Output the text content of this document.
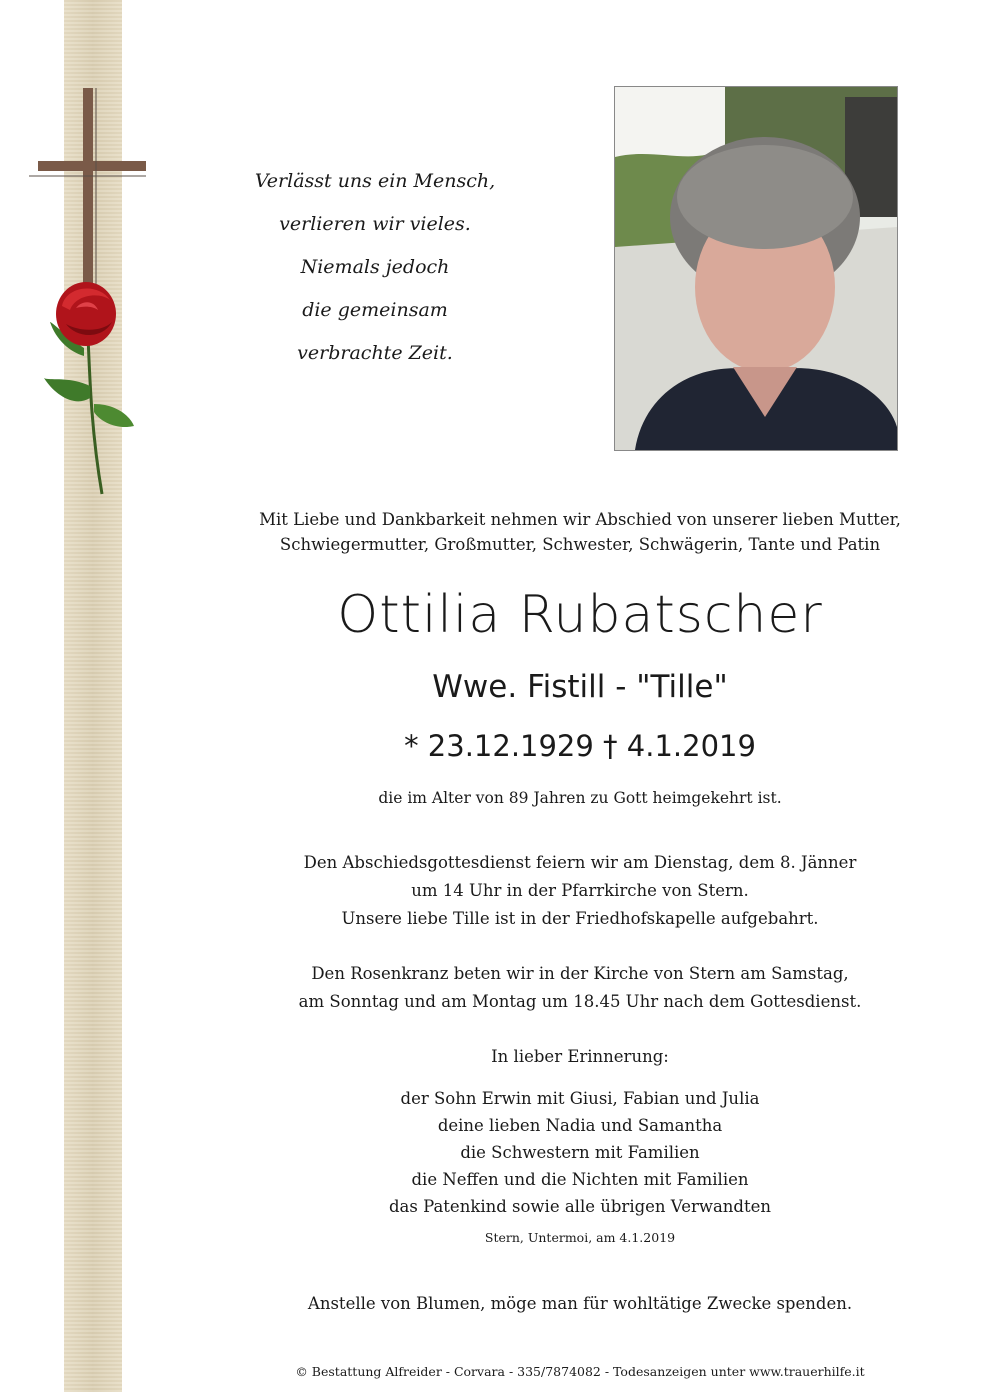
Verlässt uns ein Mensch,
verlieren wir vieles.
Niemals jedoch
die gemeinsam
verbrachte Zeit.
Mit Liebe und Dankbarkeit nehmen wir Abschied von unserer lieben Mutter,
Schwiegermutter, Großmutter, Schwester, Schwägerin, Tante und Patin
Ottilia Rubatscher
Wwe. Fistill - "Tille"
* 23.12.1929 † 4.1.2019
die im Alter von 89 Jahren zu Gott heimgekehrt ist.
Den Abschiedsgottesdienst feiern wir am Dienstag, dem 8. Jänner
um 14 Uhr in der Pfarrkirche von Stern.
Unsere liebe Tille ist in der Friedhofskapelle aufgebahrt.
Den Rosenkranz beten wir in der Kirche von Stern am Samstag,
am Sonntag und am Montag um 18.45 Uhr nach dem Gottesdienst.
In lieber Erinnerung:
der Sohn Erwin mit Giusi, Fabian und Julia
deine lieben Nadia und Samantha
die Schwestern mit Familien
die Neffen und die Nichten mit Familien
das Patenkind sowie alle übrigen Verwandten
Stern, Untermoi, am 4.1.2019
Anstelle von Blumen, möge man für wohltätige Zwecke spenden.
© Bestattung Alfreider - Corvara - 335/7874082 - Todesanzeigen unter www.trauerhilfe.it
